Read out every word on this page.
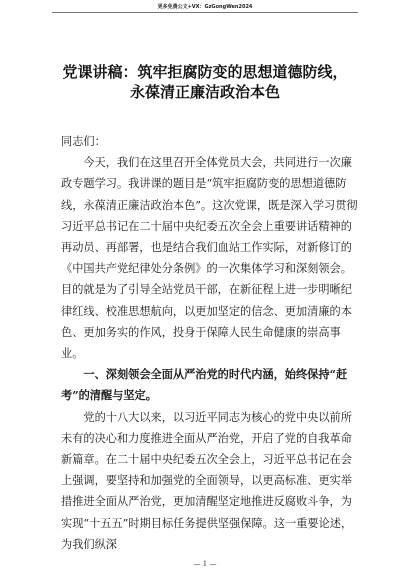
更多免费公文+VX：GzGongWen2024
党课讲稿：筑牢拒腐防变的思想道德防线，
永葆清正廉洁政治本色

同志们：

今天，我们在这里召开全体党员大会，共同进行一次廉政专题学习。我讲课的题目是“筑牢拒腐防变的思想道德防线，永葆清正廉洁政治本色”。这次党课，既是深入学习贯彻习近平总书记在二十届中央纪委五次全会上重要讲话精神的再动员、再部署，也是结合我们血站工作实际，对新修订的《中国共产党纪律处分条例》的一次集体学习和深刻领会。目的就是为了引导全站党员干部，在新征程上进一步明晰纪律红线、校准思想航向，以更加坚定的信念、更加清廉的本色、更加务实的作风，投身于保障人民生命健康的崇高事业。

一、深刻领会全面从严治党的时代内涵，始终保持“赶考”的清醒与坚定。

党的十八大以来，以习近平同志为核心的党中央以前所未有的决心和力度推进全面从严治党，开启了党的自我革命新篇章。在二十届中央纪委五次全会上，习近平总书记在会上强调，要坚持和加强党的全面领导，以更高标准、更实举措推进全面从严治党，更加清醒坚定地推进反腐败斗争，为实现“十五五”时期目标任务提供坚强保障。这一重要论述，为我们纵深

— 1 —
